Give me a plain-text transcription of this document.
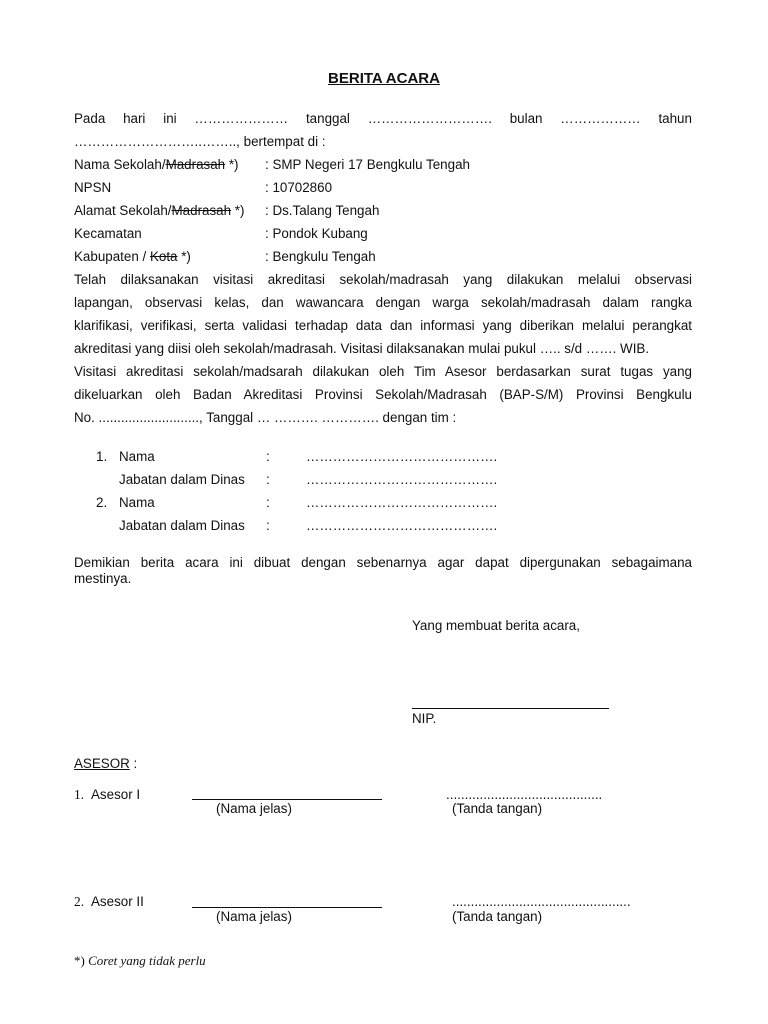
BERITA ACARA
Pada hari ini ………………… tanggal ………………………. bulan ……………… tahun
………………………..…….., bertempat di :
Nama Sekolah/Madrasah *) : SMP Negeri 17 Bengkulu Tengah
NPSN	: 10702860
Alamat Sekolah/Madrasah *) : Ds.Talang Tengah
Kecamatan	: Pondok Kubang
Kabupaten / Kota *)	: Bengkulu Tengah
Telah dilaksanakan visitasi akreditasi sekolah/madrasah yang dilakukan melalui observasi
lapangan, observasi kelas, dan wawancara dengan warga sekolah/madrasah dalam rangka
klarifikasi, verifikasi, serta validasi terhadap data dan informasi yang diberikan melalui perangkat
akreditasi yang diisi oleh sekolah/madrasah. Visitasi dilaksanakan mulai pukul ….. s/d ……. WIB.
Visitasi akreditasi sekolah/madsarah dilakukan oleh Tim Asesor berdasarkan surat tugas yang
dikeluarkan oleh Badan Akreditasi Provinsi Sekolah/Madrasah (BAP-S/M) Provinsi Bengkulu
No. ..........................., Tanggal … ………. …………. dengan tim :
1. Nama	:	…………………………………….
Jabatan dalam Dinas :	…………………………………….
2. Nama	:	…………………………………….
Jabatan dalam Dinas :	…………………………………….
Demikian berita acara ini dibuat dengan sebenarnya agar dapat dipergunakan sebagaimana
mestinya.
Yang membuat berita acara,
NIP.
ASESOR :
1. Asesor I	..........................................
(Nama jelas)	(Tanda tangan)
2. Asesor II	................................................
(Nama jelas)	(Tanda tangan)
*) Coret yang tidak perlu
